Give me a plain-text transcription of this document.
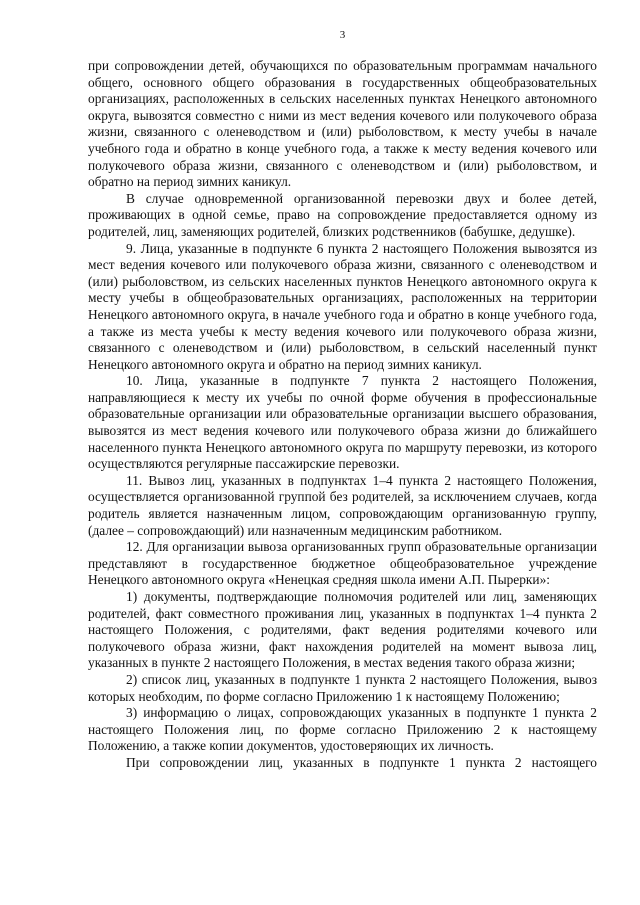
3

при сопровождении детей, обучающихся по образовательным программам начального общего, основного общего образования в государственных общеобразовательных организациях, расположенных в сельских населенных пунктах Ненецкого автономного округа, вывозятся совместно с ними из мест ведения кочевого или полукочевого образа жизни, связанного с оленеводством и (или) рыболовством, к месту учебы в начале учебного года и обратно в конце учебного года, а также к месту ведения кочевого или полукочевого образа жизни, связанного с оленеводством и (или) рыболовством, и обратно на период зимних каникул.

В случае одновременной организованной перевозки двух и более детей, проживающих в одной семье, право на сопровождение предоставляется одному из родителей, лиц, заменяющих родителей, близких родственников (бабушке, дедушке).

9. Лица, указанные в подпункте 6 пункта 2 настоящего Положения вывозятся из мест ведения кочевого или полукочевого образа жизни, связанного с оленеводством и (или) рыболовством, из сельских населенных пунктов Ненецкого автономного округа к месту учебы в общеобразовательных организациях, расположенных на территории Ненецкого автономного округа, в начале учебного года и обратно в конце учебного года, а также из места учебы к месту ведения кочевого или полукочевого образа жизни, связанного с оленеводством и (или) рыболовством, в сельский населенный пункт Ненецкого автономного округа и обратно на период зимних каникул.

10. Лица, указанные в подпункте 7 пункта 2 настоящего Положения, направляющиеся к месту их учебы по очной форме обучения в профессиональные образовательные организации или образовательные организации высшего образования, вывозятся из мест ведения кочевого или полукочевого образа жизни до ближайшего населенного пункта Ненецкого автономного округа по маршруту перевозки, из которого осуществляются регулярные пассажирские перевозки.

11. Вывоз лиц, указанных в подпунктах 1–4 пункта 2 настоящего Положения, осуществляется организованной группой без родителей, за исключением случаев, когда родитель является назначенным лицом, сопровождающим организованную группу, (далее – сопровождающий) или назначенным медицинским работником.

12. Для организации вывоза организованных групп образовательные организации представляют в государственное бюджетное общеобразовательное учреждение Ненецкого автономного округа «Ненецкая средняя школа имени А.П. Пырерки»:

1) документы, подтверждающие полномочия родителей или лиц, заменяющих родителей, факт совместного проживания лиц, указанных в подпунктах 1–4 пункта 2 настоящего Положения, с родителями, факт ведения родителями кочевого или полукочевого образа жизни, факт нахождения родителей на момент вывоза лиц, указанных в пункте 2 настоящего Положения, в местах ведения такого образа жизни;

2) список лиц, указанных в подпункте 1 пункта 2 настоящего Положения, вывоз которых необходим, по форме согласно Приложению 1 к настоящему Положению;

3) информацию о лицах, сопровождающих указанных в подпункте 1 пункта 2 настоящего Положения лиц, по форме согласно Приложению 2 к настоящему Положению, а также копии документов, удостоверяющих их личность.

При сопровождении лиц, указанных в подпункте 1 пункта 2 настоящего
